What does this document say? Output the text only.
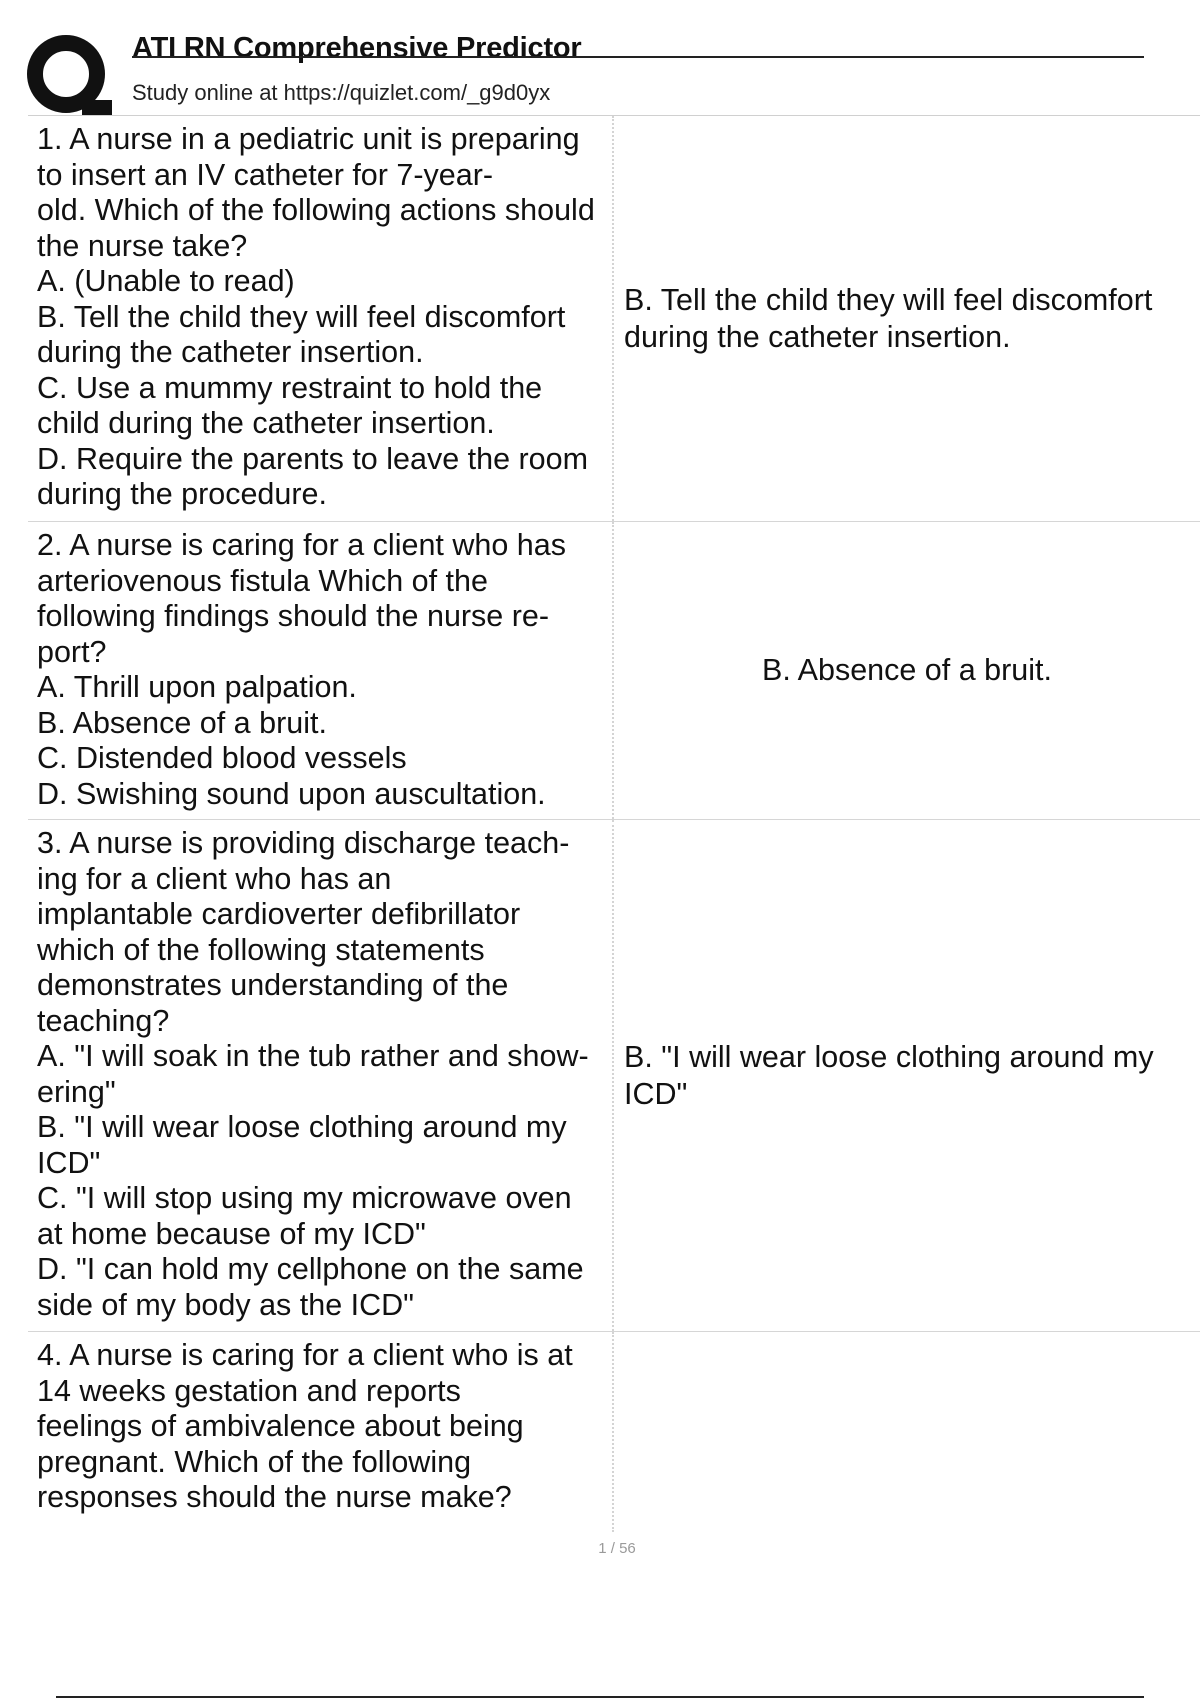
ATI RN Comprehensive Predictor
Study online at https://quizlet.com/_g9d0yx
1. A nurse in a pediatric unit is preparing
to insert an IV catheter for 7-year-
old. Which of the following actions should
the nurse take?
A. (Unable to read)
B. Tell the child they will feel discomfort
during the catheter insertion.
C. Use a mummy restraint to hold the
child during the catheter insertion.
D. Require the parents to leave the room
during the procedure.
B. Tell the child they will feel discomfort during the catheter insertion.
2. A nurse is caring for a client who has
arteriovenous fistula Which of the
following findings should the nurse re-
port?
A. Thrill upon palpation.
B. Absence of a bruit.
C. Distended blood vessels
D. Swishing sound upon auscultation.
B. Absence of a bruit.
3. A nurse is providing discharge teach-
ing for a client who has an
implantable cardioverter defibrillator
which of the following statements
demonstrates understanding of the
teaching?
A. "I will soak in the tub rather and show-
ering"
B. "I will wear loose clothing around my
ICD"
C. "I will stop using my microwave oven
at home because of my ICD"
D. "I can hold my cellphone on the same
side of my body as the ICD"
B. "I will wear loose clothing around my ICD"
4. A nurse is caring for a client who is at
14 weeks gestation and reports
feelings of ambivalence about being
pregnant. Which of the following
responses should the nurse make?
1 / 56
